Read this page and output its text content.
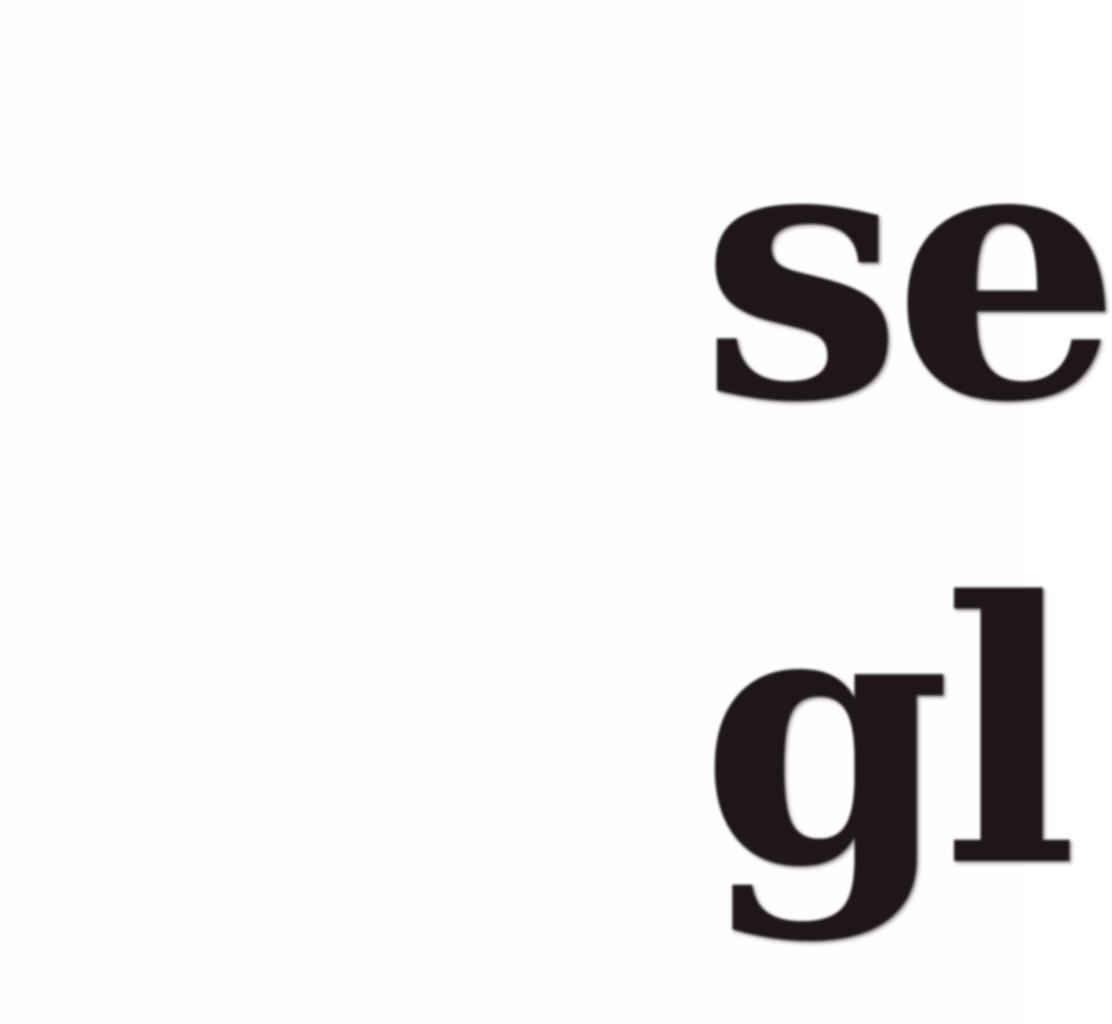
se
gl
